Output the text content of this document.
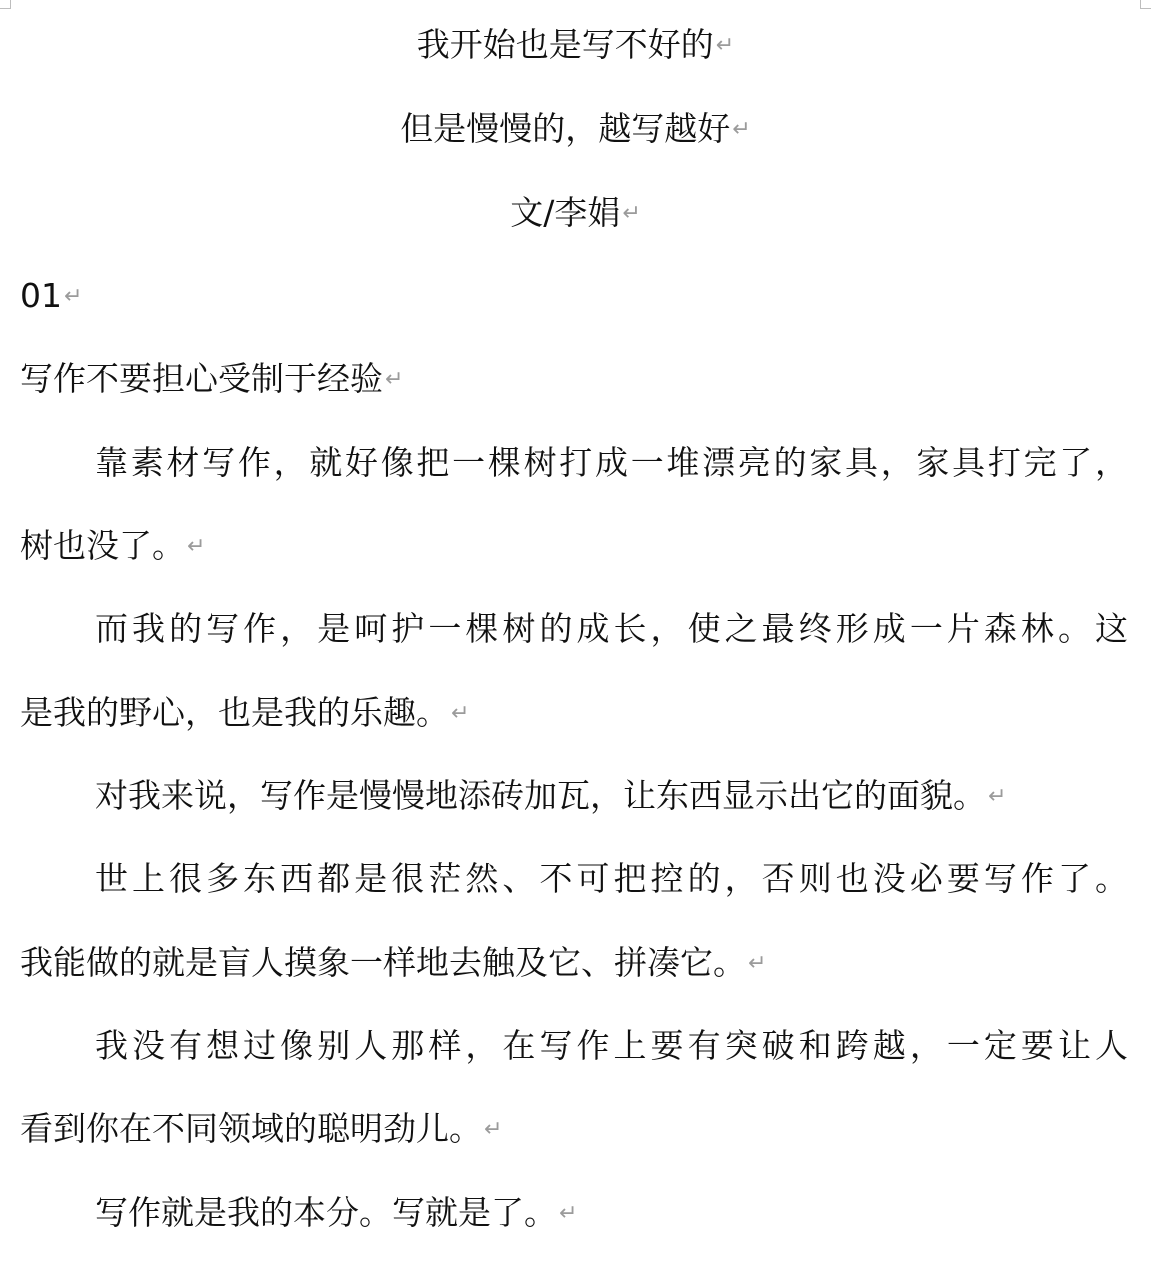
我开始也是写不好的↵
但是慢慢的，越写越好↵
文/李娟↵
01↵
写作不要担心受制于经验↵
靠素材写作，就好像把一棵树打成一堆漂亮的家具，家具打完了，
树也没了。↵
而我的写作，是呵护一棵树的成长，使之最终形成一片森林。这
是我的野心，也是我的乐趣。↵
对我来说，写作是慢慢地添砖加瓦，让东西显示出它的面貌。↵
世上很多东西都是很茫然、不可把控的，否则也没必要写作了。
我能做的就是盲人摸象一样地去触及它、拼凑它。↵
我没有想过像别人那样，在写作上要有突破和跨越，一定要让人
看到你在不同领域的聪明劲儿。↵
写作就是我的本分。写就是了。↵
